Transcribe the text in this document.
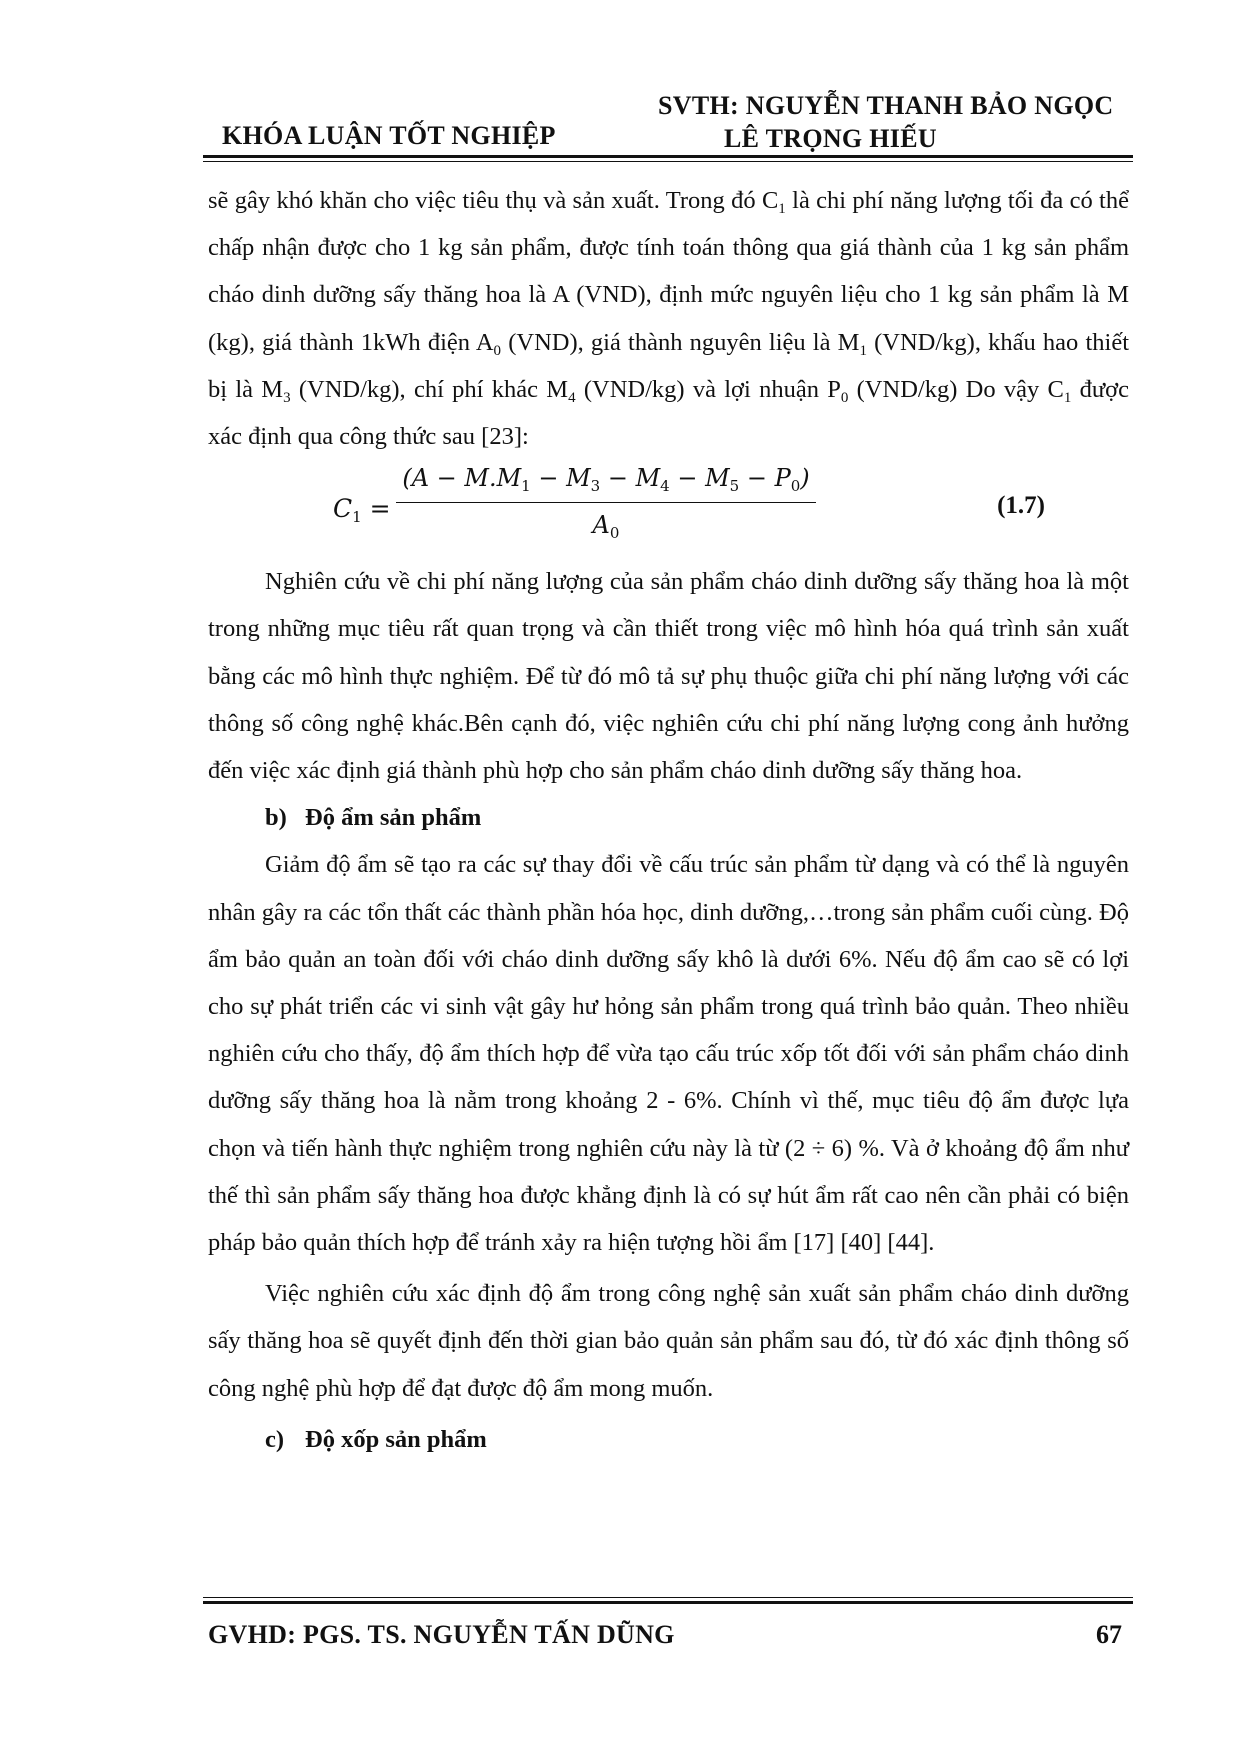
KHÓA LUẬN TỐT NGHIỆP
SVTH: NGUYỄN THANH BẢO NGỌC
LÊ TRỌNG HIẾU

sẽ gây khó khăn cho việc tiêu thụ và sản xuất. Trong đó $C_1$ là chi phí năng lượng tối đa có thể chấp nhận được cho 1 kg sản phẩm, được tính toán thông qua giá thành của 1 kg sản phẩm cháo dinh dưỡng sấy thăng hoa là A (VND), định mức nguyên liệu cho 1 kg sản phẩm là M (kg), giá thành 1kWh điện $A_0$ (VND), giá thành nguyên liệu là $M_1$ (VND/kg), khấu hao thiết bị là $M_3$ (VND/kg), chí phí khác $M_4$ (VND/kg) và lợi nhuận $P_0$ (VND/kg) Do vậy $C_1$ được xác định qua công thức sau [23]:

$C_1 = \frac{(A - M.M_1 - M_3 - M_4 - M_5 - P_0)}{A_0}$	(1.7)

Nghiên cứu về chi phí năng lượng của sản phẩm cháo dinh dưỡng sấy thăng hoa là một trong những mục tiêu rất quan trọng và cần thiết trong việc mô hình hóa quá trình sản xuất bằng các mô hình thực nghiệm. Để từ đó mô tả sự phụ thuộc giữa chi phí năng lượng với các thông số công nghệ khác.Bên cạnh đó, việc nghiên cứu chi phí năng lượng cong ảnh hưởng đến việc xác định giá thành phù hợp cho sản phẩm cháo dinh dưỡng sấy thăng hoa.

b) Độ ẩm sản phẩm

Giảm độ ẩm sẽ tạo ra các sự thay đổi về cấu trúc sản phẩm từ dạng và có thể là nguyên nhân gây ra các tổn thất các thành phần hóa học, dinh dưỡng,…trong sản phẩm cuối cùng. Độ ẩm bảo quản an toàn đối với cháo dinh dưỡng sấy khô là dưới 6%. Nếu độ ẩm cao sẽ có lợi cho sự phát triển các vi sinh vật gây hư hỏng sản phẩm trong quá trình bảo quản. Theo nhiều nghiên cứu cho thấy, độ ẩm thích hợp để vừa tạo cấu trúc xốp tốt đối với sản phẩm cháo dinh dưỡng sấy thăng hoa là nằm trong khoảng 2 - 6%. Chính vì thế, mục tiêu độ ẩm được lựa chọn và tiến hành thực nghiệm trong nghiên cứu này là từ (2 ÷ 6) %. Và ở khoảng độ ẩm như thế thì sản phẩm sấy thăng hoa được khẳng định là có sự hút ẩm rất cao nên cần phải có biện pháp bảo quản thích hợp để tránh xảy ra hiện tượng hồi ẩm [17] [40] [44].

Việc nghiên cứu xác định độ ẩm trong công nghệ sản xuất sản phẩm cháo dinh dưỡng sấy thăng hoa sẽ quyết định đến thời gian bảo quản sản phẩm sau đó, từ đó xác định thông số công nghệ phù hợp để đạt được độ ẩm mong muốn.

c) Độ xốp sản phẩm

GVHD: PGS. TS. NGUYỄN TẤN DŨNG	67
